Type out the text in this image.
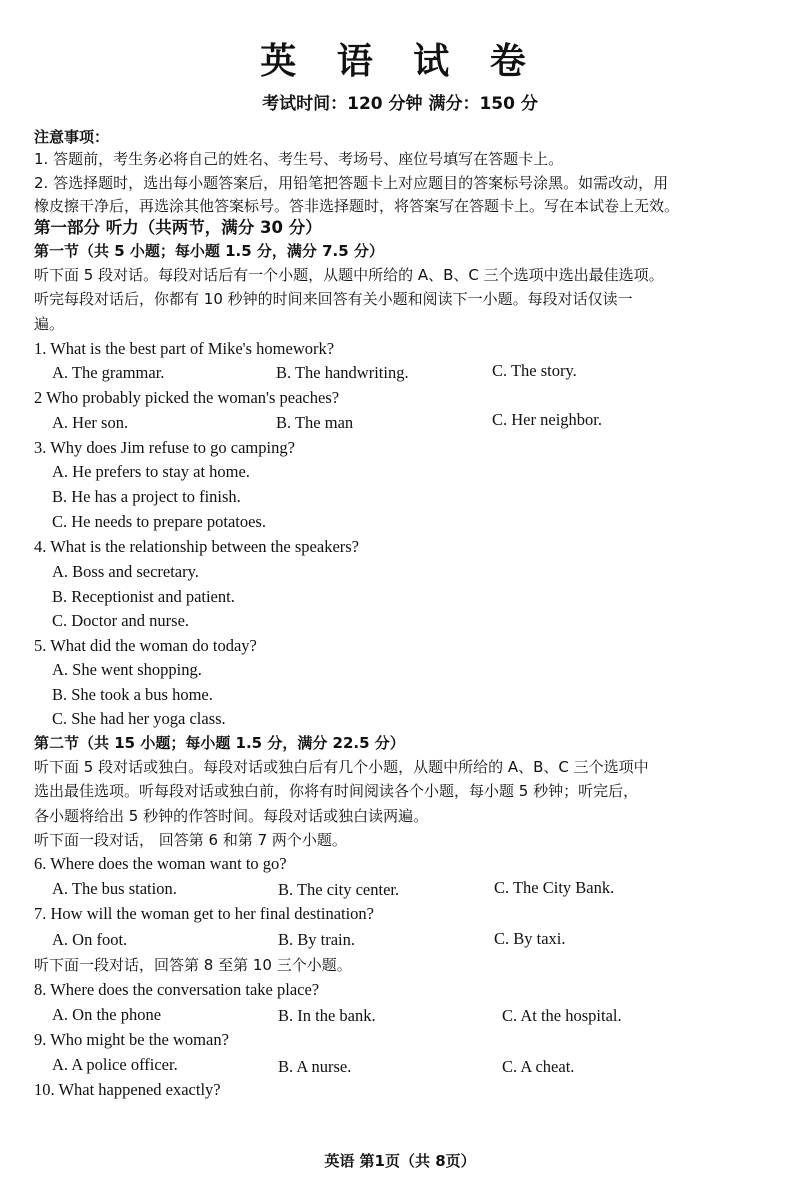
英 语 试 卷
考试时间：120 分钟 满分：150 分
注意事项：
1. 答题前，考生务必将自己的姓名、考生号、考场号、座位号填写在答题卡上。
2. 答选择题时，选出每小题答案后，用铅笔把答题卡上对应题目的答案标号涂黑。如需改动，用
橡皮擦干净后，再选涂其他答案标号。答非选择题时，将答案写在答题卡上。写在本试卷上无效。
第一部分 听力（共两节，满分 30 分）
第一节（共 5 小题；每小题 1.5 分，满分 7.5 分）
听下面 5 段对话。每段对话后有一个小题，从题中所给的 A、B、C 三个选项中选出最佳选项。
听完每段对话后，你都有 10 秒钟的时间来回答有关小题和阅读下一小题。每段对话仅读一
遍。
1. What is the best part of Mike's homework?
A. The grammar.	B. The handwriting.	C. The story.
2 Who probably picked the woman's peaches?
A. Her son.	B. The man	C. Her neighbor.
3. Why does Jim refuse to go camping?
A. He prefers to stay at home.
B. He has a project to finish.
C. He needs to prepare potatoes.
4. What is the relationship between the speakers?
A. Boss and secretary.
B. Receptionist and patient.
C. Doctor and nurse.
5. What did the woman do today?
A. She went shopping.
B. She took a bus home.
C. She had her yoga class.
第二节（共 15 小题；每小题 1.5 分，满分 22.5 分）
听下面 5 段对话或独白。每段对话或独白后有几个小题，从题中所给的 A、B、C 三个选项中
选出最佳选项。听每段对话或独白前，你将有时间阅读各个小题，每小题 5 秒钟；听完后，
各小题将给出 5 秒钟的作答时间。每段对话或独白读两遍。
听下面一段对话， 回答第 6 和第 7 两个小题。
6. Where does the woman want to go?
A. The bus station.	B. The city center.	C. The City Bank.
7. How will the woman get to her final destination?
A. On foot.	B. By train.	C. By taxi.
听下面一段对话，回答第 8 至第 10 三个小题。
8. Where does the conversation take place?
A. On the phone	B. In the bank.	C. At the hospital.
9. Who might be the woman?
A. A police officer.	B. A nurse.	C. A cheat.
10. What happened exactly?
英语 第1页（共 8页）
